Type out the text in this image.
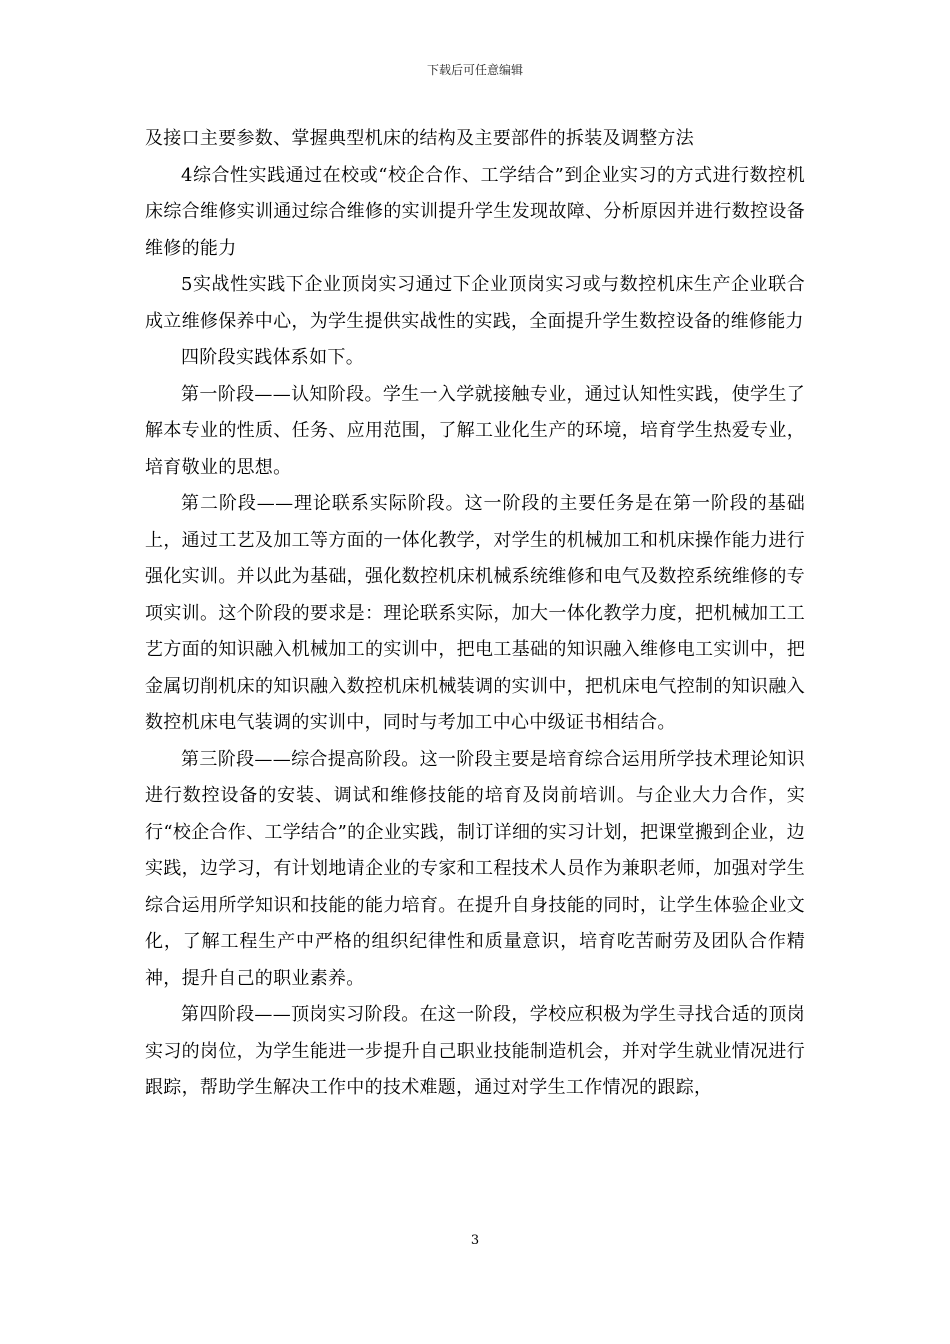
下载后可任意编辑

及接口主要参数、掌握典型机床的结构及主要部件的拆装及调整方法

4综合性实践通过在校或“校企合作、工学结合”到企业实习的方式进行数控机床综合维修实训通过综合维修的实训提升学生发现故障、分析原因并进行数控设备维修的能力

5实战性实践下企业顶岗实习通过下企业顶岗实习或与数控机床生产企业联合成立维修保养中心，为学生提供实战性的实践，全面提升学生数控设备的维修能力

四阶段实践体系如下。

第一阶段——认知阶段。学生一入学就接触专业，通过认知性实践，使学生了解本专业的性质、任务、应用范围，了解工业化生产的环境，培育学生热爱专业，培育敬业的思想。

第二阶段——理论联系实际阶段。这一阶段的主要任务是在第一阶段的基础上，通过工艺及加工等方面的一体化教学，对学生的机械加工和机床操作能力进行强化实训。并以此为基础，强化数控机床机械系统维修和电气及数控系统维修的专项实训。这个阶段的要求是：理论联系实际，加大一体化教学力度，把机械加工工艺方面的知识融入机械加工的实训中，把电工基础的知识融入维修电工实训中，把金属切削机床的知识融入数控机床机械装调的实训中，把机床电气控制的知识融入数控机床电气装调的实训中，同时与考加工中心中级证书相结合。

第三阶段——综合提高阶段。这一阶段主要是培育综合运用所学技术理论知识进行数控设备的安装、调试和维修技能的培育及岗前培训。与企业大力合作，实行“校企合作、工学结合”的企业实践，制订详细的实习计划，把课堂搬到企业，边实践，边学习，有计划地请企业的专家和工程技术人员作为兼职老师，加强对学生综合运用所学知识和技能的能力培育。在提升自身技能的同时，让学生体验企业文化，了解工程生产中严格的组织纪律性和质量意识，培育吃苦耐劳及团队合作精神，提升自己的职业素养。

第四阶段——顶岗实习阶段。在这一阶段，学校应积极为学生寻找合适的顶岗实习的岗位，为学生能进一步提升自己职业技能制造机会，并对学生就业情况进行跟踪，帮助学生解决工作中的技术难题，通过对学生工作情况的跟踪，

3
